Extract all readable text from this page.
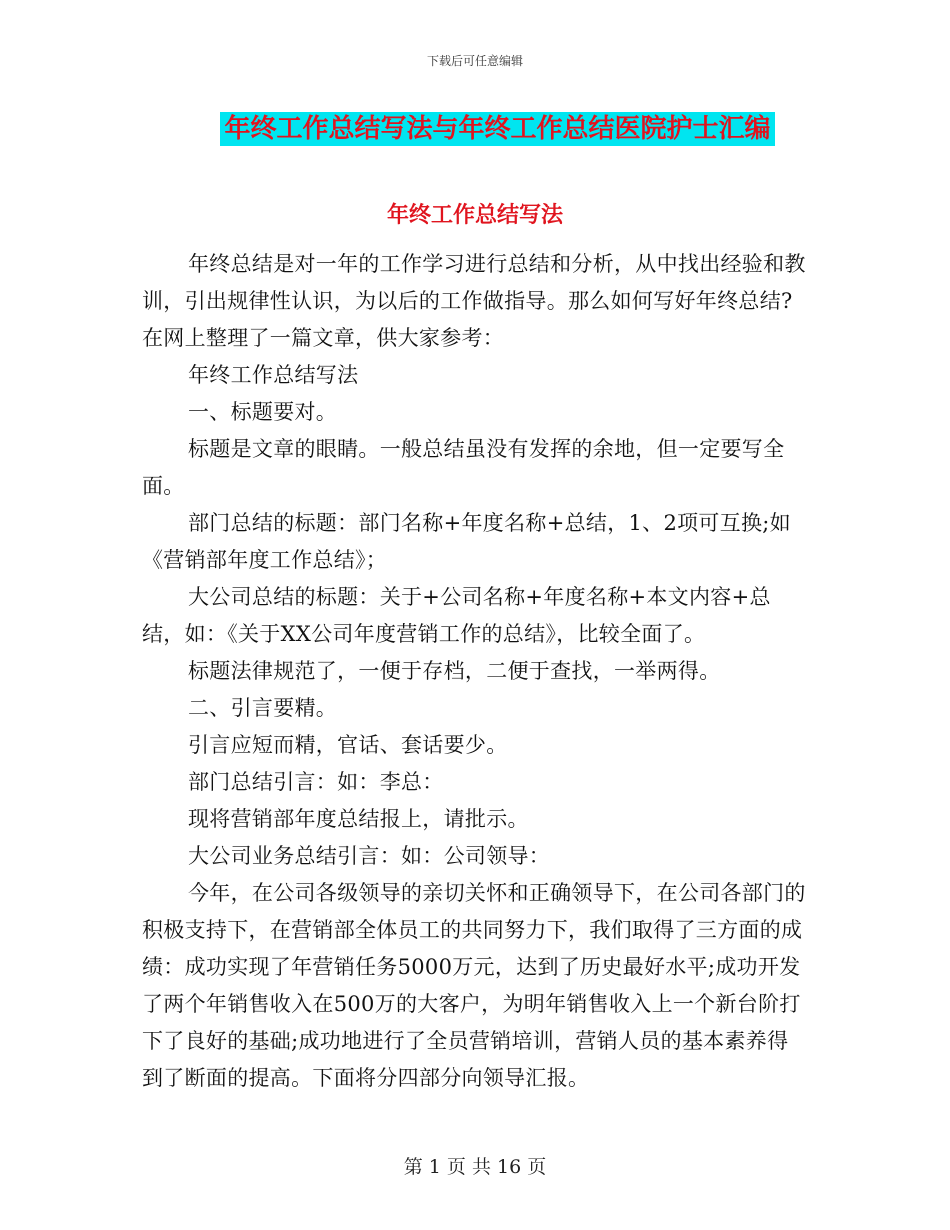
下载后可任意编辑
年终工作总结写法与年终工作总结医院护士汇编
年终工作总结写法

年终总结是对一年的工作学习进行总结和分析，从中找出经验和教训，引出规律性认识，为以后的工作做指导。那么如何写好年终总结?在网上整理了一篇文章，供大家参考：

年终工作总结写法

一、标题要对。

标题是文章的眼睛。一般总结虽没有发挥的余地，但一定要写全面。

部门总结的标题：部门名称+年度名称+总结，1、2项可互换;如《营销部年度工作总结》；

大公司总结的标题：关于+公司名称+年度名称+本文内容+总结，如：《关于XX公司年度营销工作的总结》，比较全面了。

标题法律规范了，一便于存档，二便于查找，一举两得。

二、引言要精。

引言应短而精，官话、套话要少。

部门总结引言：如：李总：

现将营销部年度总结报上，请批示。

大公司业务总结引言：如：公司领导：

今年，在公司各级领导的亲切关怀和正确领导下，在公司各部门的积极支持下，在营销部全体员工的共同努力下，我们取得了三方面的成绩：成功实现了年营销任务5000万元，达到了历史最好水平;成功开发了两个年销售收入在500万的大客户，为明年销售收入上一个新台阶打下了良好的基础;成功地进行了全员营销培训，营销人员的基本素养得到了断面的提高。下面将分四部分向领导汇报。

第 1 页 共 16 页
